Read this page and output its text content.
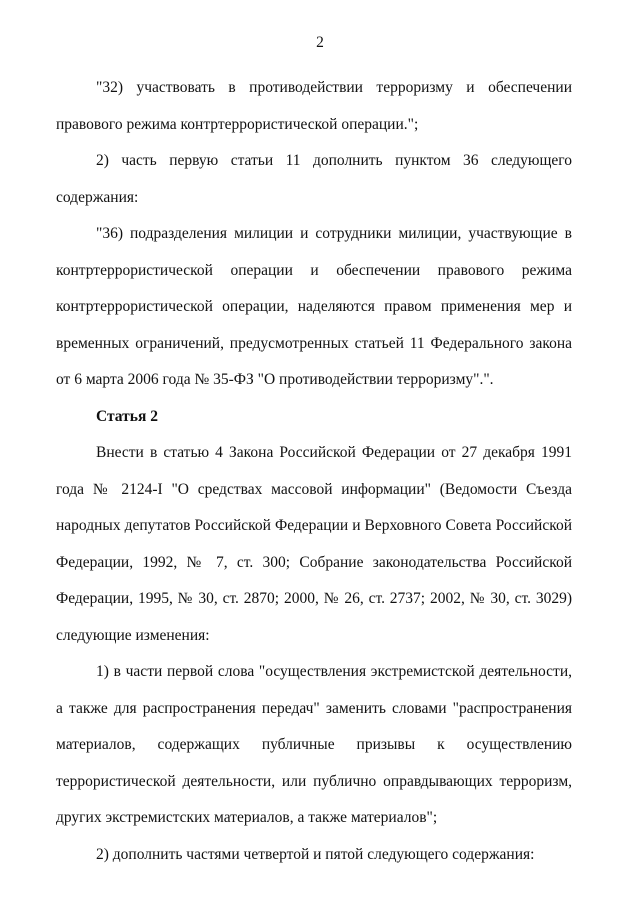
2

"32) участвовать в противодействии терроризму и обеспечении правового режима контртеррористической операции.";

2) часть первую статьи 11 дополнить пунктом 36 следующего содержания:

"36) подразделения милиции и сотрудники милиции, участвующие в контртеррористической операции и обеспечении правового режима контртеррористической операции, наделяются правом применения мер и временных ограничений, предусмотренных статьей 11 Федерального закона от 6 марта 2006 года № 35-ФЗ "О противодействии терроризму".".

Статья 2

Внести в статью 4 Закона Российской Федерации от 27 декабря 1991 года № 2124-I "О средствах массовой информации" (Ведомости Съезда народных депутатов Российской Федерации и Верховного Совета Российской Федерации, 1992, № 7, ст. 300; Собрание законодательства Российской Федерации, 1995, № 30, ст. 2870; 2000, № 26, ст. 2737; 2002, № 30, ст. 3029) следующие изменения:

1) в части первой слова "осуществления экстремистской деятельности, а также для распространения передач" заменить словами "распространения материалов, содержащих публичные призывы к осуществлению террористической деятельности, или публично оправдывающих терроризм, других экстремистских материалов, а также материалов";

2) дополнить частями четвертой и пятой следующего содержания:
